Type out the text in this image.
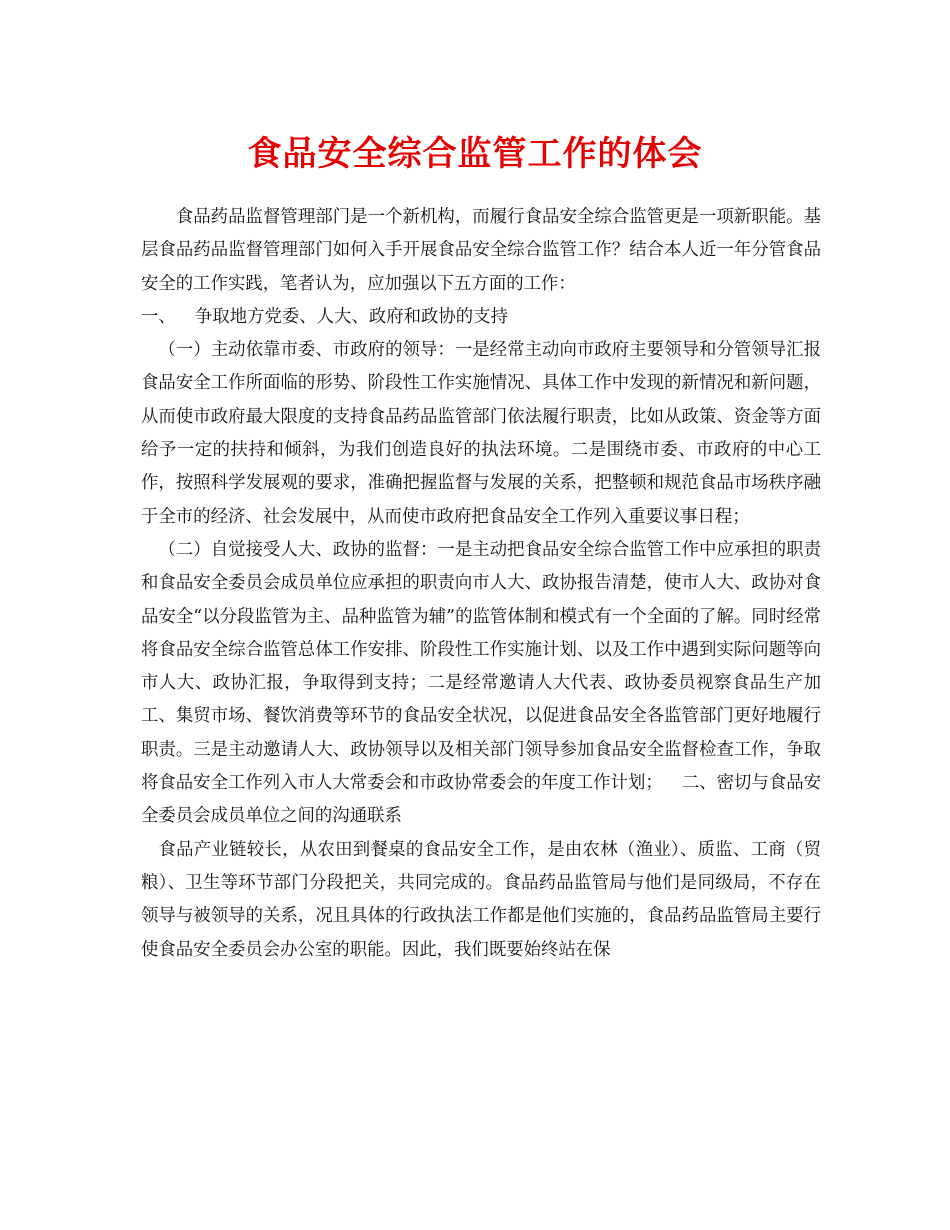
食品安全综合监管工作的体会

食品药品监督管理部门是一个新机构，而履行食品安全综合监管更是一项新职能。基层食品药品监督管理部门如何入手开展食品安全综合监管工作？结合本人近一年分管食品安全的工作实践，笔者认为，应加强以下五方面的工作：

一、 争取地方党委、人大、政府和政协的支持

（一）主动依靠市委、市政府的领导：一是经常主动向市政府主要领导和分管领导汇报食品安全工作所面临的形势、阶段性工作实施情况、具体工作中发现的新情况和新问题，从而使市政府最大限度的支持食品药品监管部门依法履行职责，比如从政策、资金等方面给予一定的扶持和倾斜，为我们创造良好的执法环境。二是围绕市委、市政府的中心工作，按照科学发展观的要求，准确把握监督与发展的关系，把整顿和规范食品市场秩序融于全市的经济、社会发展中，从而使市政府把食品安全工作列入重要议事日程；

（二）自觉接受人大、政协的监督：一是主动把食品安全综合监管工作中应承担的职责和食品安全委员会成员单位应承担的职责向市人大、政协报告清楚，使市人大、政协对食品安全“以分段监管为主、品种监管为辅”的监管体制和模式有一个全面的了解。同时经常将食品安全综合监管总体工作安排、阶段性工作实施计划、以及工作中遇到实际问题等向市人大、政协汇报，争取得到支持；二是经常邀请人大代表、政协委员视察食品生产加工、集贸市场、餐饮消费等环节的食品安全状况，以促进食品安全各监管部门更好地履行职责。三是主动邀请人大、政协领导以及相关部门领导参加食品安全监督检查工作，争取将食品安全工作列入市人大常委会和市政协常委会的年度工作计划； 二、密切与食品安全委员会成员单位之间的沟通联系

食品产业链较长，从农田到餐桌的食品安全工作，是由农林（渔业）、质监、工商（贸粮）、卫生等环节部门分段把关，共同完成的。食品药品监管局与他们是同级局，不存在领导与被领导的关系，况且具体的行政执法工作都是他们实施的，食品药品监管局主要行使食品安全委员会办公室的职能。因此，我们既要始终站在保
